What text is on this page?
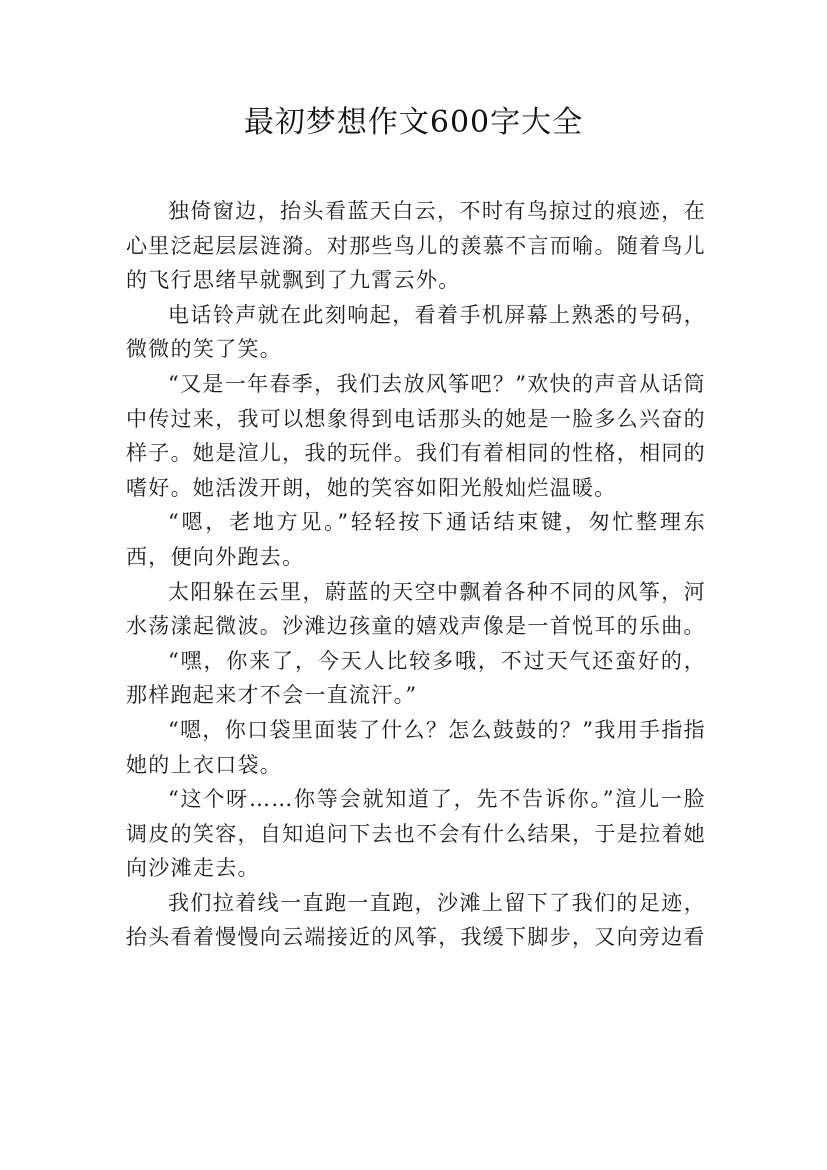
最初梦想作文600字大全

独倚窗边，抬头看蓝天白云，不时有鸟掠过的痕迹，在心里泛起层层涟漪。对那些鸟儿的羡慕不言而喻。随着鸟儿的飞行思绪早就飘到了九霄云外。

电话铃声就在此刻响起，看着手机屏幕上熟悉的号码，微微的笑了笑。

“又是一年春季，我们去放风筝吧？”欢快的声音从话筒中传过来，我可以想象得到电话那头的她是一脸多么兴奋的样子。她是渲儿，我的玩伴。我们有着相同的性格，相同的嗜好。她活泼开朗，她的笑容如阳光般灿烂温暖。

“嗯，老地方见。”轻轻按下通话结束键，匆忙整理东西，便向外跑去。

太阳躲在云里，蔚蓝的天空中飘着各种不同的风筝，河水荡漾起微波。沙滩边孩童的嬉戏声像是一首悦耳的乐曲。

“嘿，你来了，今天人比较多哦，不过天气还蛮好的，那样跑起来才不会一直流汗。”

“嗯，你口袋里面装了什么？怎么鼓鼓的？”我用手指指她的上衣口袋。

“这个呀……你等会就知道了，先不告诉你。”渲儿一脸调皮的笑容，自知追问下去也不会有什么结果，于是拉着她向沙滩走去。

我们拉着线一直跑一直跑，沙滩上留下了我们的足迹，抬头看着慢慢向云端接近的风筝，我缓下脚步，又向旁边看
